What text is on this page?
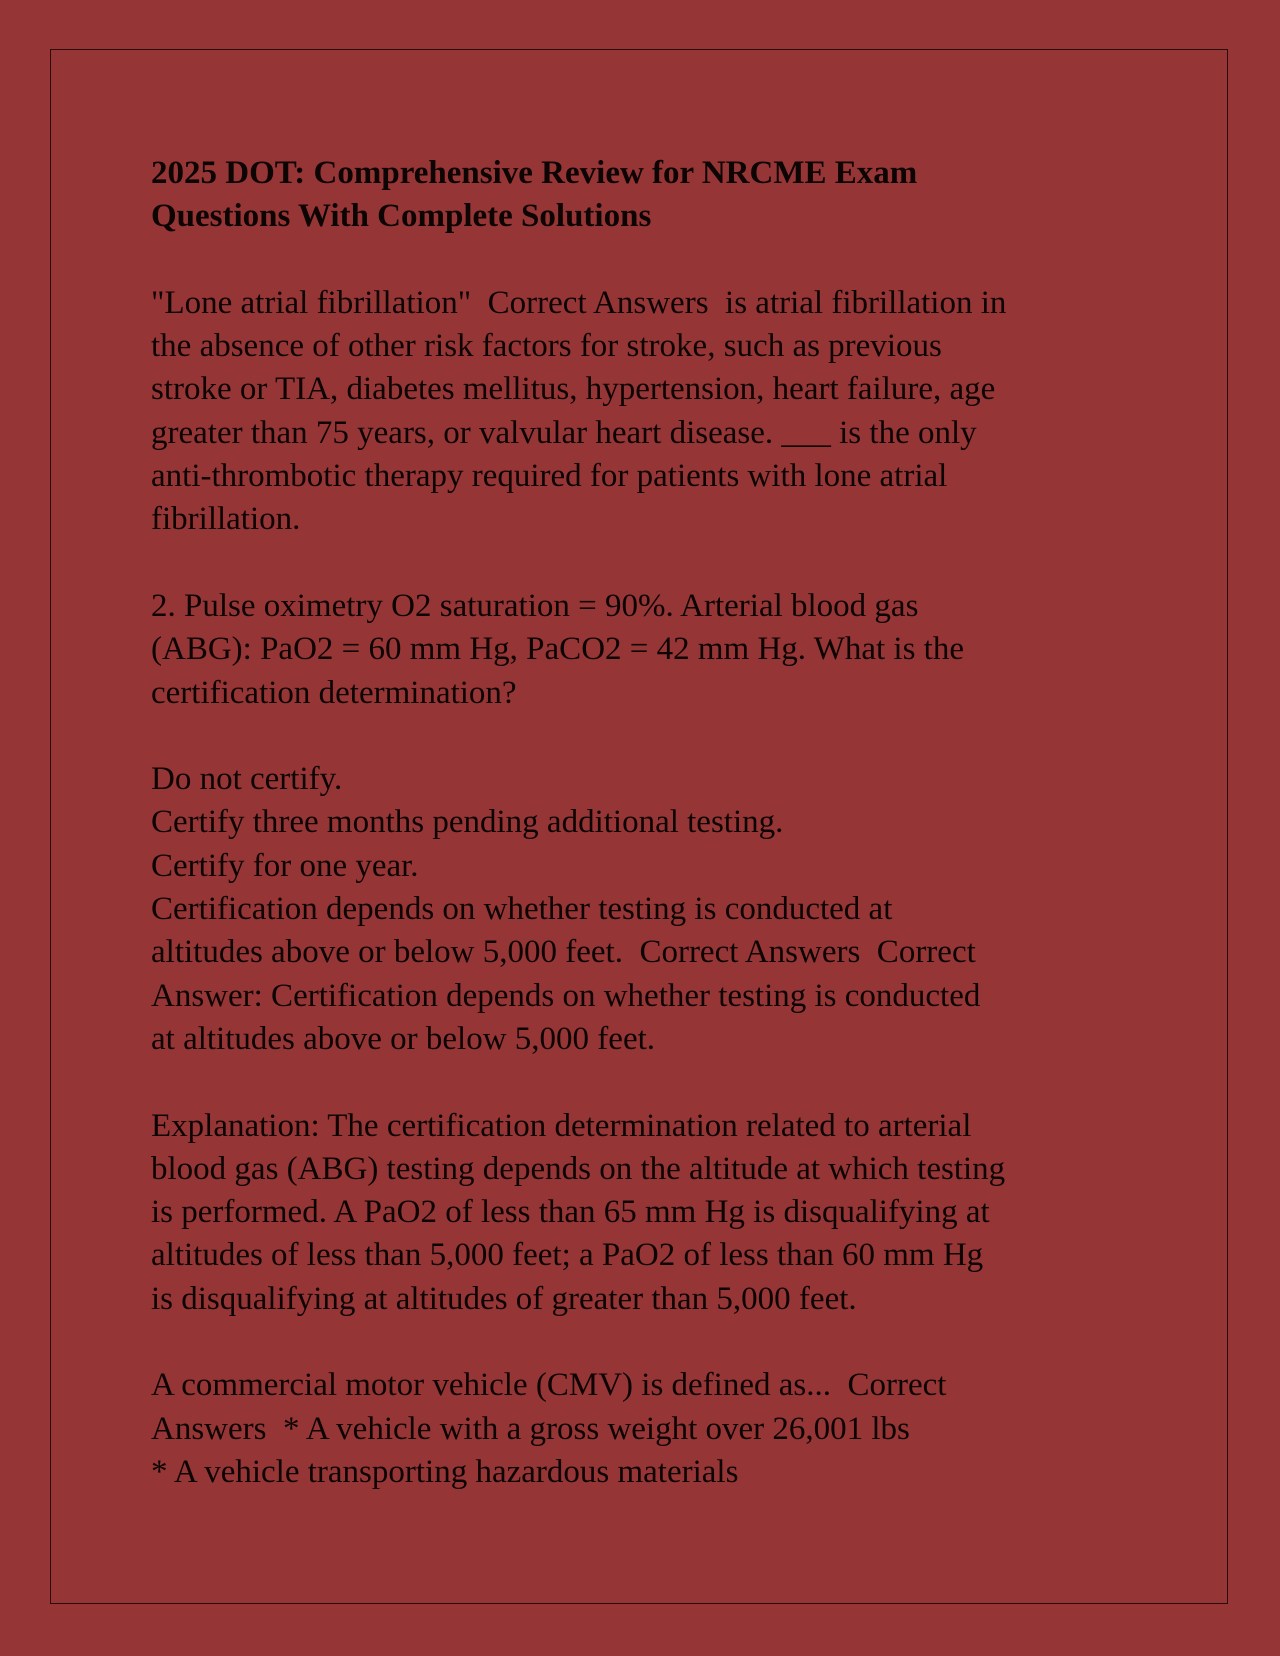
2025 DOT: Comprehensive Review for NRCME Exam
Questions With Complete Solutions
"Lone atrial fibrillation"  Correct Answers  is atrial fibrillation in
the absence of other risk factors for stroke, such as previous
stroke or TIA, diabetes mellitus, hypertension, heart failure, age
greater than 75 years, or valvular heart disease. ___ is the only
anti-thrombotic therapy required for patients with lone atrial
fibrillation.
2. Pulse oximetry O2 saturation = 90%. Arterial blood gas
(ABG): PaO2 = 60 mm Hg, PaCO2 = 42 mm Hg. What is the
certification determination?
Do not certify.
Certify three months pending additional testing.
Certify for one year.
Certification depends on whether testing is conducted at
altitudes above or below 5,000 feet.  Correct Answers  Correct
Answer: Certification depends on whether testing is conducted
at altitudes above or below 5,000 feet.
Explanation: The certification determination related to arterial
blood gas (ABG) testing depends on the altitude at which testing
is performed. A PaO2 of less than 65 mm Hg is disqualifying at
altitudes of less than 5,000 feet; a PaO2 of less than 60 mm Hg
is disqualifying at altitudes of greater than 5,000 feet.
A commercial motor vehicle (CMV) is defined as...  Correct
Answers  * A vehicle with a gross weight over 26,001 lbs
* A vehicle transporting hazardous materials
